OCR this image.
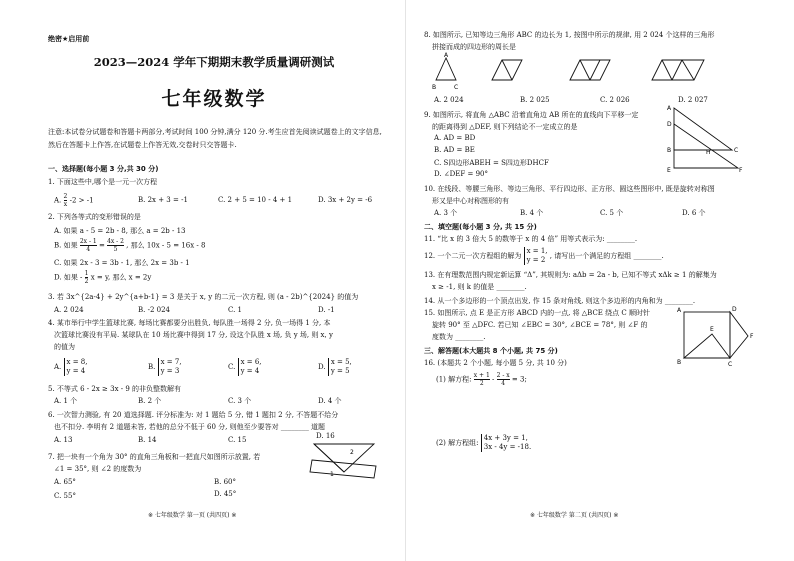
绝密★启用前
2023—2024 学年下期期末教学质量调研测试
七年级数学
注意:本试卷分试题卷和答题卡两部分,考试时间 100 分钟,满分 120 分.考生应首先阅读试题卷上的文字信息,然后在答题卡上作答,在试题卷上作答无效,交卷时只交答题卡.
一、选择题(每小题 3 分,共 30 分)
1. 下面这些中,哪个是一元一次方程
A. $\frac{2}{x} -2 > -1$	B. 2x + 3 = -1	C. 2 + 5 = 10 - 4 + 1	D. 3x + 2y = -6
2. 下列各等式的变形错误的是
A. 如果 a - 5 = 2b - 8, 那么 a = 2b - 13
B. 如果 $\frac{2x - 1}{4} = \frac{4x - 2}{5}$ , 那么 10x - 5 = 16x - 8
C. 如果 2x - 3 = 3b - 1, 那么 2x = 3b - 1
D. 如果 - $\frac{1}{2}$ x = y, 那么 x = 2y
3. 若 3x^{2a-4} + 2y^{a+b-1} = 3 是关于 x, y 的二元一次方程, 则 (a - 2b)^{2024} 的值为
A. 2 024	B. -2 024	C. 1	D. -1
4. 某市举行中学生篮球比赛, 每场比赛都要分出胜负, 每队胜一场得 2 分, 负一场得 1 分, 本
次篮球比赛没有平局. 某球队在 10 场比赛中得到 17 分, 设这个队胜 x 场, 负 y 场, 则 x, y
的值为
A.
x = 8,
y = 4	B.
x = 7,
y = 3	C.
x = 6,
y = 4	D.
x = 5,
y = 5
5. 不等式 6 - 2x ≥ 3x - 9 的非负整数解有
A. 1 个	B. 2 个	C. 3 个	D. 4 个
6. 一次智力测验, 有 20 道选择题. 评分标准为: 对 1 题给 5 分, 错 1 题扣 2 分, 不答题不给分
也不扣分. 李明有 2 道题未答, 若他的总分不低于 60 分, 则他至少要答对 ________ 道题
A. 13	B. 14	C. 15	D. 16
7. 把一块有一个角为 30° 的直角三角板和一把直尺如图所示放置, 若
∠1 = 35°, 则 ∠2 的度数为
A. 65°	B. 60°
C. 55°	D. 45°
1
2
※ 七年级数学 第一页 (共四页) ※
8. 如图所示, 已知等边三角形 ABC 的边长为 1, 按图中所示的规律, 用 2 024 个这样的三角形
拼接而成的四边形的周长是
A
B	C
A. 2 024	B. 2 025	C. 2 026	D. 2 027
9. 如图所示, 将直角 △ABC 沿着直角边 AB 所在的直线向下平移一定
的距离得到 △DEF, 则下列结论不一定成立的是
A. AD = BD
B. AD = BE
C. S四边形ABEH = S四边形DHCF
D. ∠DEF = 90°
A
D
B	H	C
E	F
10. 在线段、等腰三角形、等边三角形、平行四边形、正方形、圆这些图形中, 既是旋转对称图
形又是中心对称图形的有
A. 3 个	B. 4 个	C. 5 个	D. 6 个
二、填空题(每小题 3 分, 共 15 分)
11. “比 x 的 3 倍大 5 的数等于 x 的 4 倍” 用等式表示为: ________.
12. 一个二元一次方程组的解为
x = 1,
y = 2 , 请写出一个满足的方程组 ________.
13. 在有理数范围内规定新运算 “Δ”, 其规则为: aΔb = 2a - b, 已知不等式 xΔk ≥ 1 的解集为
x ≥ -1, 则 k 的值是 ________.
14. 从一个多边形的一个顶点出发, 作 15 条对角线, 则这个多边形的内角和为 ________.
15. 如图所示, 点 E 是正方形 ABCD 内的一点, 将 △BCE 绕点 C 顺时针
旋转 90° 至 △DFC. 若已知 ∠EBC = 30°, ∠BCE = 78°, 则 ∠F 的
度数为 ________.
A	D
E
B	C
F
三、解答题(本大题共 8 个小题, 共 75 分)
16. (本题共 2 个小题, 每小题 5 分, 共 10 分)
(1) 解方程: $\frac{x + 1}{2} - \frac{2 - x}{4} = 3$;
(2) 解方程组:
4x + 3y = 1,
3x - 4y = -18.
※ 七年级数学 第二页 (共四页) ※
